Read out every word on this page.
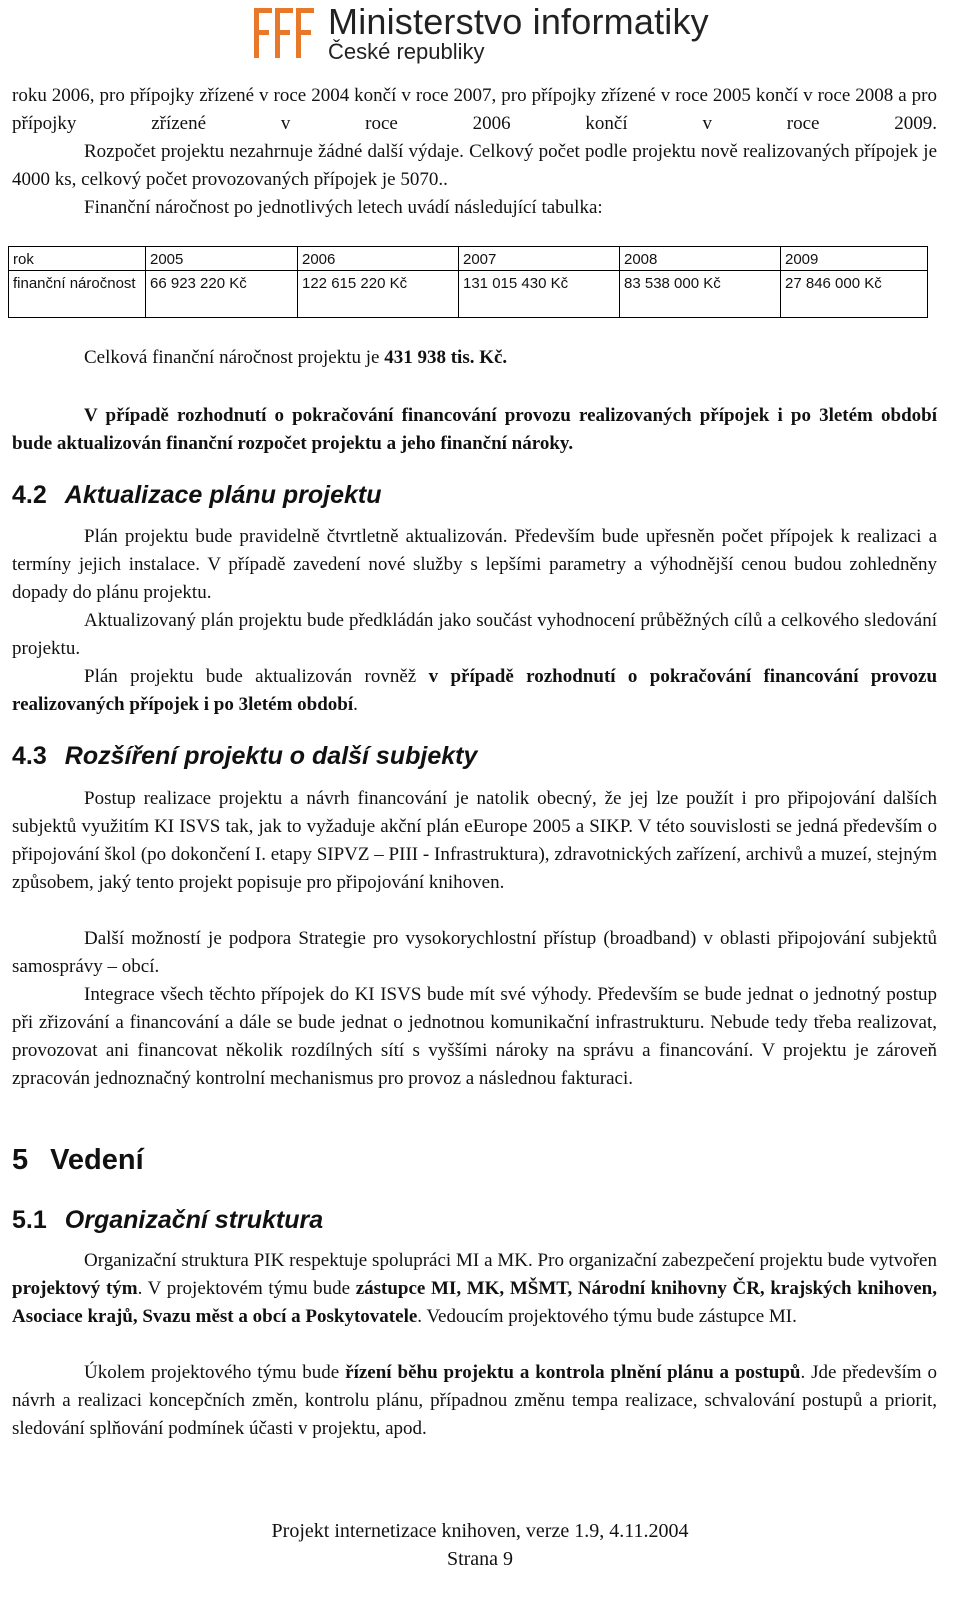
Ministerstvo informatiky
České republiky

roku 2006, pro přípojky zřízené v roce 2004 končí v roce 2007, pro přípojky zřízené v roce 2005 končí v roce 2008 a pro přípojky zřízené v roce 2006 končí v roce 2009.

Rozpočet projektu nezahrnuje žádné další výdaje. Celkový počet podle projektu nově realizovaných přípojek je 4000 ks, celkový počet provozovaných přípojek je 5070..

Finanční náročnost po jednotlivých letech uvádí následující tabulka:

rok	2005	2006	2007	2008	2009
finanční náročnost	66 923 220 Kč	122 615 220 Kč	131 015 430 Kč	83 538 000 Kč	27 846 000 Kč

Celková finanční náročnost projektu je 431 938 tis. Kč.

V případě rozhodnutí o pokračování financování provozu realizovaných přípojek i po 3letém období bude aktualizován finanční rozpočet projektu a jeho finanční nároky.

4.2 Aktualizace plánu projektu

Plán projektu bude pravidelně čtvrtletně aktualizován. Především bude upřesněn počet přípojek k realizaci a termíny jejich instalace. V případě zavedení nové služby s lepšími parametry a výhodnější cenou budou zohledněny dopady do plánu projektu.

Aktualizovaný plán projektu bude předkládán jako součást vyhodnocení průběžných cílů a celkového sledování projektu.

Plán projektu bude aktualizován rovněž v případě rozhodnutí o pokračování financování provozu realizovaných přípojek i po 3letém období.

4.3 Rozšíření projektu o další subjekty

Postup realizace projektu a návrh financování je natolik obecný, že jej lze použít i pro připojování dalších subjektů využitím KI ISVS tak, jak to vyžaduje akční plán eEurope 2005 a SIKP. V této souvislosti se jedná především o připojování škol (po dokončení I. etapy SIPVZ – PIII - Infrastruktura), zdravotnických zařízení, archivů a muzeí, stejným způsobem, jaký tento projekt popisuje pro připojování knihoven.

Další možností je podpora Strategie pro vysokorychlostní přístup (broadband) v oblasti připojování subjektů samosprávy – obcí.

Integrace všech těchto přípojek do KI ISVS bude mít své výhody. Především se bude jednat o jednotný postup při zřizování a financování a dále se bude jednat o jednotnou komunikační infrastrukturu. Nebude tedy třeba realizovat, provozovat ani financovat několik rozdílných sítí s vyššími nároky na správu a financování. V projektu je zároveň zpracován jednoznačný kontrolní mechanismus pro provoz a následnou fakturaci.

5 Vedení
5.1 Organizační struktura

Organizační struktura PIK respektuje spolupráci MI a MK. Pro organizační zabezpečení projektu bude vytvořen projektový tým. V projektovém týmu bude zástupce MI, MK, MŠMT, Národní knihovny ČR, krajských knihoven, Asociace krajů, Svazu měst a obcí a Poskytovatele. Vedoucím projektového týmu bude zástupce MI.

Úkolem projektového týmu bude řízení běhu projektu a kontrola plnění plánu a postupů. Jde především o návrh a realizaci koncepčních změn, kontrolu plánu, případnou změnu tempa realizace, schvalování postupů a priorit, sledování splňování podmínek účasti v projektu, apod.

Projekt internetizace knihoven, verze 1.9, 4.11.2004
Strana 9
